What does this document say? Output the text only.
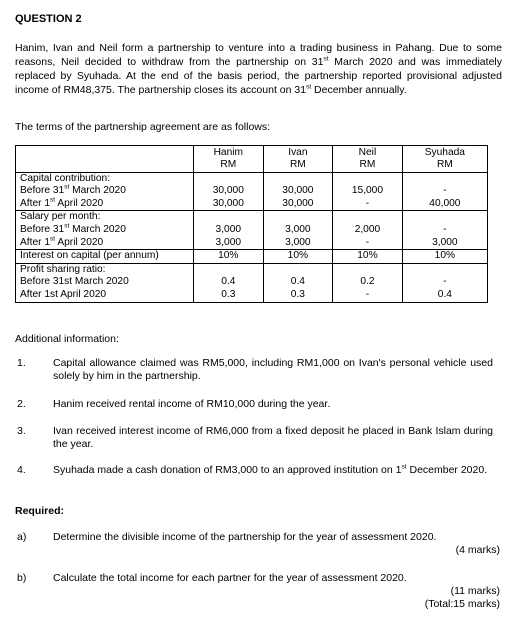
QUESTION 2
Hanim, Ivan and Neil form a partnership to venture into a trading business in Pahang. Due to some reasons, Neil decided to withdraw from the partnership on 31st March 2020 and was immediately replaced by Syuhada. At the end of the basis period, the partnership reported provisional adjusted income of RM48,375. The partnership closes its account on 31st December annually.
The terms of the partnership agreement are as follows:

	Hanim	Ivan	Neil	Syuhada

	RM	RM	RM	RM
Capital contribution:				
Before 31st March 2020	30,000	30,000	15,000	-
After 1st April 2020	30,000	30,000	-	40,000
Salary per month:				
Before 31st March 2020	3,000	3,000	2,000	-
After 1st April 2020	3,000	3,000	-	3,000
Interest on capital (per annum)	10%	10%	10%	10%
Profit sharing ratio:				
Before 31st March 2020	0.4	0.4	0.2	-
After 1st April 2020	0.3	0.3	-	0.4
Additional information:
1.	Capital allowance claimed was RM5,000, including RM1,000 on Ivan's personal vehicle used solely by him in the partnership.
2.	Hanim received rental income of RM10,000 during the year.
3.	Ivan received interest income of RM6,000 from a fixed deposit he placed in Bank Islam during the year.
4.	Syuhada made a cash donation of RM3,000 to an approved institution on 1st December 2020.
Required:
a)	Determine the divisible income of the partnership for the year of assessment 2020.
(4 marks)
b)	Calculate the total income for each partner for the year of assessment 2020.
(11 marks)
(Total:15 marks)
